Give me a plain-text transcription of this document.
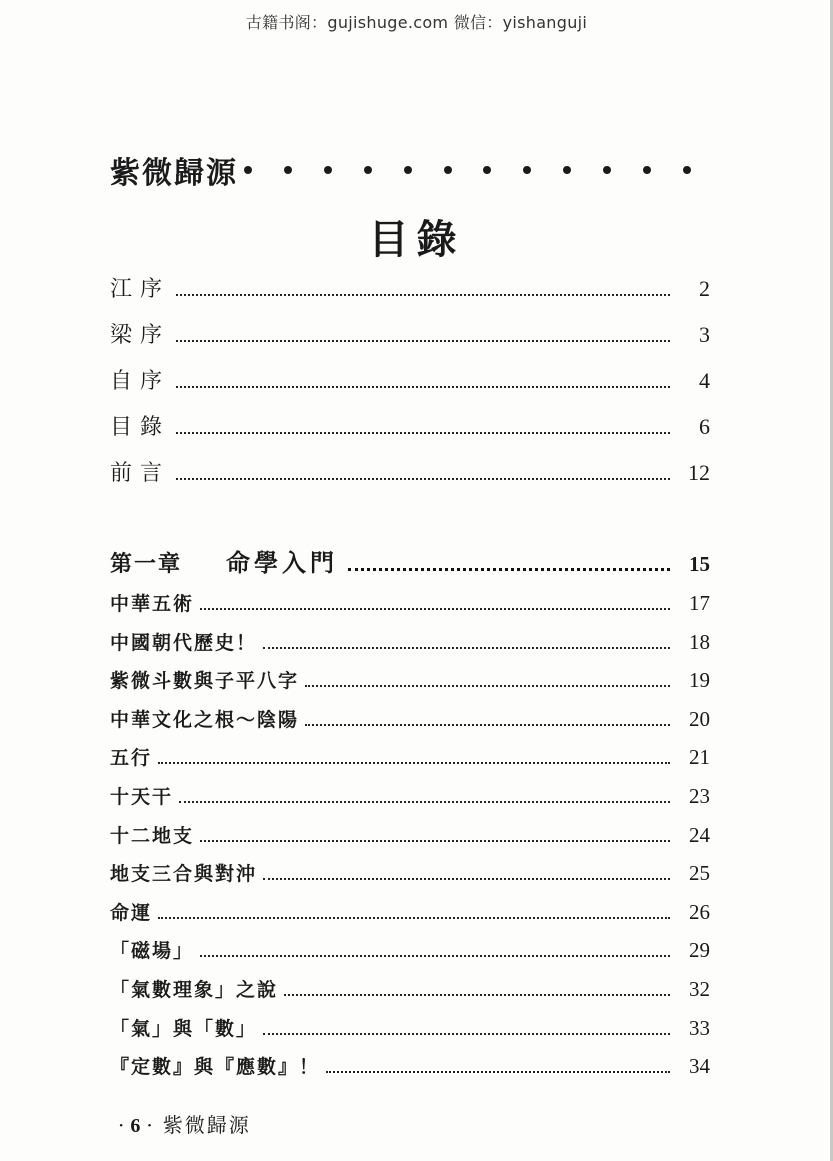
古籍书阁：gujishuge.com 微信：yishanguji
紫微歸源
目錄
江序	2
梁序	3
自序	4
目錄	6
前言	12
第一章 命學入門	15
中華五術	17
中國朝代歷史！	18
紫微斗數與子平八字	19
中華文化之根～陰陽	20
五行	21
十天干	23
十二地支	24
地支三合與對沖	25
命運	26
「磁場」	29
「氣數理象」之說	32
「氣」與「數」	33
『定數』與『應數』！	34
· 6 · 紫微歸源
